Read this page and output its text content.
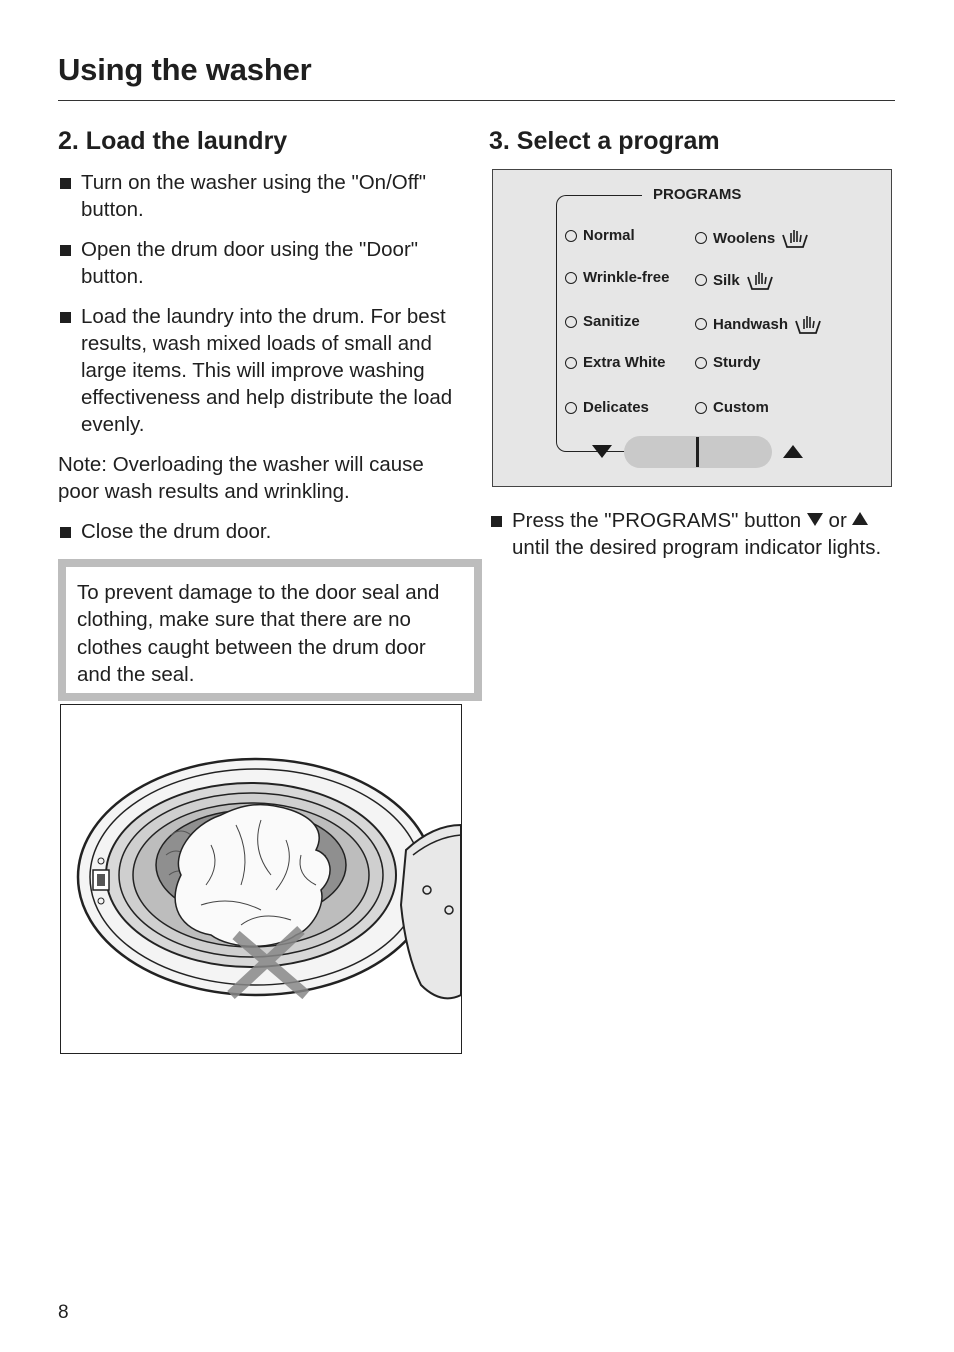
Using the washer
2. Load the laundry
Turn on the washer using the "On/Off" button.
Open the drum door using the "Door" button.
Load the laundry into the drum. For best results, wash mixed loads of small and large items. This will improve washing effectiveness and help distribute the load evenly.

Note: Overloading the washer will cause poor wash results and wrinkling.

Close the drum door.
To prevent damage to the door seal and clothing, make sure that there are no clothes caught between the drum door and the seal.
3. Select a program
PROGRAMS
Normal
Wrinkle-free
Sanitize
Extra White
Delicates
Woolens
Silk
Handwash
Sturdy
Custom
Press the "PROGRAMS" button or  until the desired program indicator lights.
8
